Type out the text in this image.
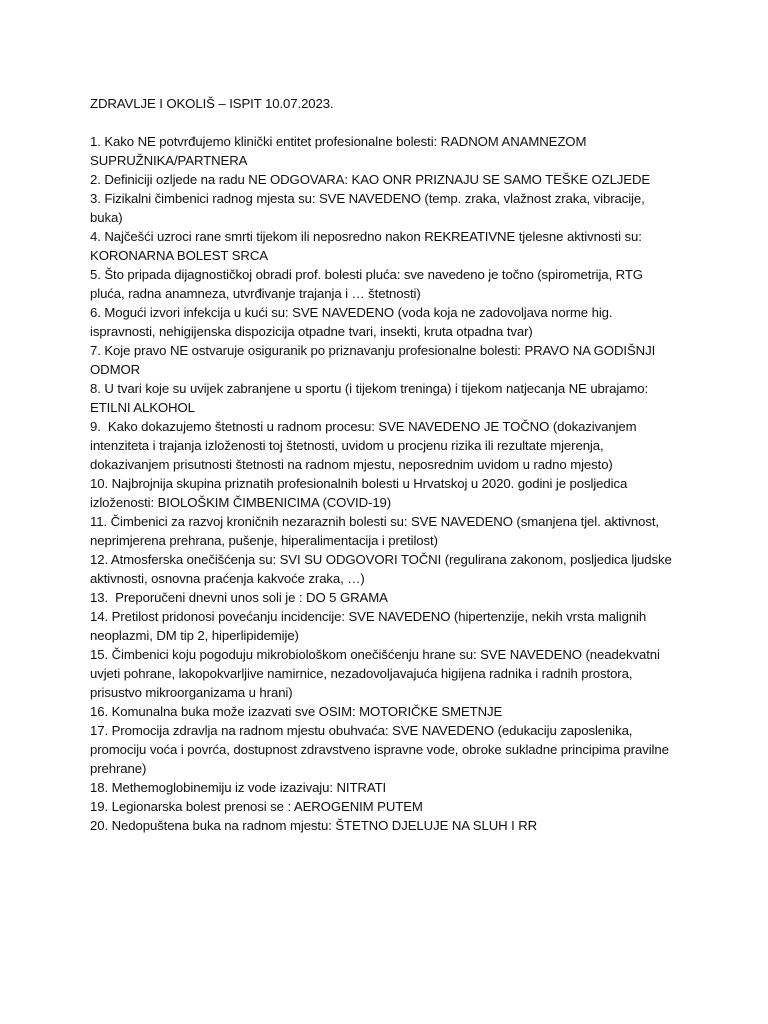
ZDRAVLJE I OKOLIŠ – ISPIT 10.07.2023.

1. Kako NE potvrđujemo klinički entitet profesionalne bolesti: RADNOM ANAMNEZOM SUPRUŽNIKA/PARTNERA
2. Definiciji ozljede na radu NE ODGOVARA: KAO ONR PRIZNAJU SE SAMO TEŠKE OZLJEDE
3. Fizikalni čimbenici radnog mjesta su: SVE NAVEDENO (temp. zraka, vlažnost zraka, vibracije, buka)
4. Najčešći uzroci rane smrti tijekom ili neposredno nakon REKREATIVNE tjelesne aktivnosti su: KORONARNA BOLEST SRCA
5. Što pripada dijagnostičkoj obradi prof. bolesti pluća: sve navedeno je točno (spirometrija, RTG pluća, radna anamneza, utvrđivanje trajanja i … štetnosti)
6. Mogući izvori infekcija u kući su: SVE NAVEDENO (voda koja ne zadovoljava norme hig. ispravnosti, nehigijenska dispozicija otpadne tvari, insekti, kruta otpadna tvar)
7. Koje pravo NE ostvaruje osiguranik po priznavanju profesionalne bolesti: PRAVO NA GODIŠNJI ODMOR
8. U tvari koje su uvijek zabranjene u sportu (i tijekom treninga) i tijekom natjecanja NE ubrajamo: ETILNI ALKOHOL
9.  Kako dokazujemo štetnosti u radnom procesu: SVE NAVEDENO JE TOČNO (dokazivanjem intenziteta i trajanja izloženosti toj štetnosti, uvidom u procjenu rizika ili rezultate mjerenja, dokazivanjem prisutnosti štetnosti na radnom mjestu, neposrednim uvidom u radno mjesto)
10. Najbrojnija skupina priznatih profesionalnih bolesti u Hrvatskoj u 2020. godini je posljedica izloženosti: BIOLOŠKIM ČIMBENICIMA (COVID-19)
11. Čimbenici za razvoj kroničnih nezaraznih bolesti su: SVE NAVEDENO (smanjena tjel. aktivnost, neprimjerena prehrana, pušenje, hiperalimentacija i pretilost)
12. Atmosferska onečišćenja su: SVI SU ODGOVORI TOČNI (regulirana zakonom, posljedica ljudske aktivnosti, osnovna praćenja kakvoće zraka, …)
13.  Preporučeni dnevni unos soli je : DO 5 GRAMA
14. Pretilost pridonosi povećanju incidencije: SVE NAVEDENO (hipertenzije, nekih vrsta malignih neoplazmi, DM tip 2, hiperlipidemije)
15. Čimbenici koju pogoduju mikrobiološkom onečišćenju hrane su: SVE NAVEDENO (neadekvatni uvjeti pohrane, lakopokvarljive namirnice, nezadovoljavajuća higijena radnika i radnih prostora, prisustvo mikroorganizama u hrani)
16. Komunalna buka može izazvati sve OSIM: MOTORIČKE SMETNJE
17. Promocija zdravlja na radnom mjestu obuhvaća: SVE NAVEDENO (edukaciju zaposlenika, promociju voća i povrća, dostupnost zdravstveno ispravne vode, obroke sukladne principima pravilne prehrane)
18. Methemoglobinemiju iz vode izazivaju: NITRATI
19. Legionarska bolest prenosi se : AEROGENIM PUTEM
20. Nedopuštena buka na radnom mjestu: ŠTETNO DJELUJE NA SLUH I RR
